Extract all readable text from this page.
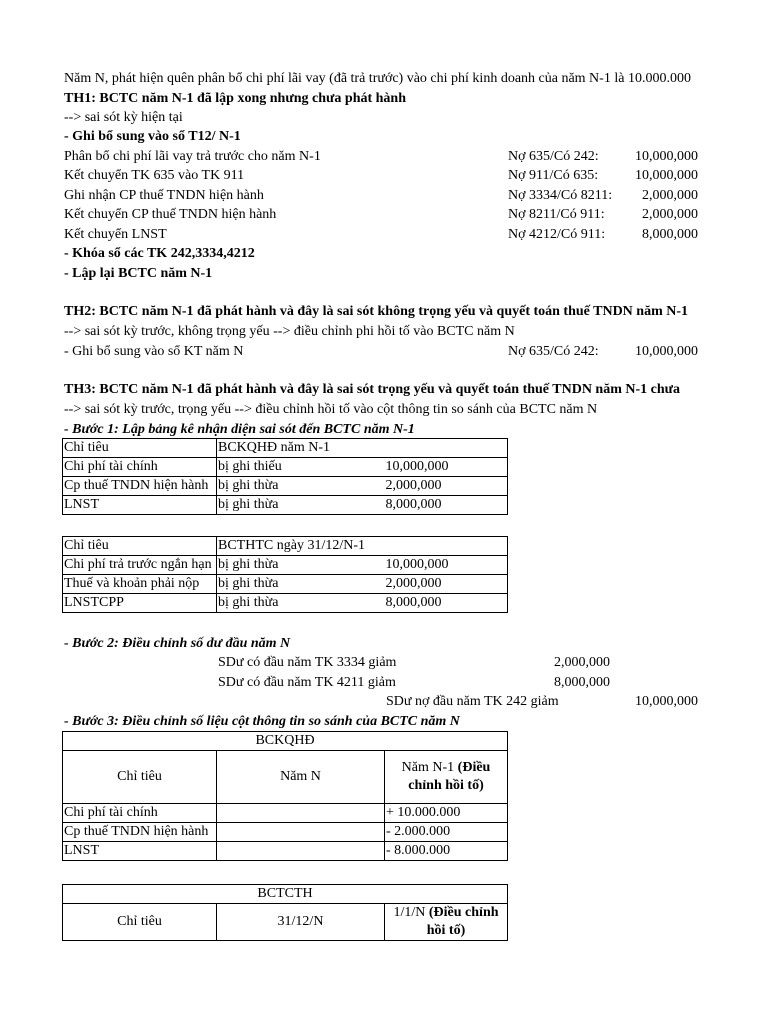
Năm N, phát hiện quên phân bổ chi phí lãi vay (đã trả trước) vào chi phí kinh doanh của năm N-1 là 10.000.000
TH1: BCTC năm N-1 đã lập xong nhưng chưa phát hành
--> sai sót kỳ hiện tại
- Ghi bổ sung vào sổ T12/ N-1
Phân bổ chi phí lãi vay trả trước cho năm N-1	Nợ 635/Có 242:	10,000,000
Kết chuyển TK 635 vào TK 911	Nợ 911/Có 635:	10,000,000
Ghi nhận CP thuế TNDN hiện hành	Nợ 3334/Có 8211:	2,000,000
Kết chuyển CP thuế TNDN hiện hành	Nợ 8211/Có 911:	2,000,000
Kết chuyển LNST	Nợ 4212/Có 911:	8,000,000
- Khóa sổ các TK 242,3334,4212
- Lập lại BCTC năm N-1
TH2: BCTC năm N-1 đã phát hành và đây là sai sót không trọng yếu và quyết toán thuế TNDN năm N-1
--> sai sót kỳ trước, không trọng yếu --> điều chỉnh phi hồi tố vào BCTC năm N
- Ghi bổ sung vào sổ KT năm N	Nợ 635/Có 242:	10,000,000
TH3: BCTC năm N-1 đã phát hành và đây là sai sót trọng yếu và quyết toán thuế TNDN năm N-1 chưa
--> sai sót kỳ trước, trọng yếu --> điều chỉnh hồi tố vào cột thông tin so sánh của BCTC năm N
- Bước 1: Lập bảng kê nhận diện sai sót đến BCTC năm N-1
Chỉ tiêu	BCKQHĐ năm N-1	
Chi phí tài chính	bị ghi thiếu	10,000,000
Cp thuế TNDN hiện hành	bị ghi thừa	2,000,000
LNST	bị ghi thừa	8,000,000
Chỉ tiêu	BCTHTC ngày 31/12/N-1	
Chi phí trả trước ngắn hạn	bị ghi thừa	10,000,000
Thuế và khoản phải nộp	bị ghi thừa	2,000,000
LNSTCPP	bị ghi thừa	8,000,000
- Bước 2: Điều chỉnh số dư đầu năm N
SDư có đầu năm TK 3334 giảm	2,000,000
SDư có đầu năm TK 4211 giảm	8,000,000
SDư nợ đầu năm TK 242 giảm	10,000,000
- Bước 3: Điều chỉnh số liệu cột thông tin so sánh của BCTC năm N
BCKQHĐ		
Chỉ tiêu	Năm N	Năm N-1 (Điều chỉnh hồi tố)
Chi phí tài chính		+ 10.000.000
Cp thuế TNDN hiện hành		- 2.000.000
LNST		- 8.000.000
BCTCTH
Chỉ tiêu	31/12/N	1/1/N (Điều chỉnh hồi tố)
